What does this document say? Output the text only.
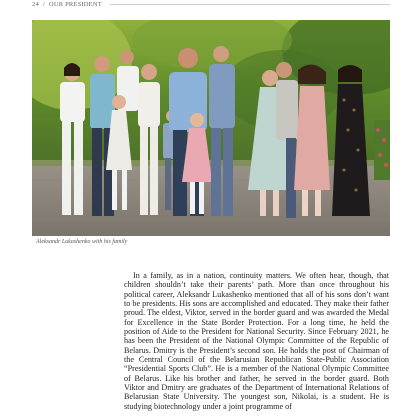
24 / OUR PRESIDENT
Aleksandr Lukashenko with his family
In a family, as in a nation, continuity matters. We often hear, though, that children shouldn’t take their parents’ path. More than once throughout his political career, Aleksandr Lukashenko mentioned that all of his sons don’t want to be presidents. His sons are accomplished and educated. They make their father proud. The eldest, Viktor, served in the border guard and was awarded the Medal for Excellence in the State Border Protection. For a long time, he held the position of Aide to the President for National Security. Since February 2021, he has been the President of the National Olympic Committee of the Republic of Belarus. Dmitry is the President’s second son. He holds the post of Chairman of the Central Council of the Belarusian Republican State-Public Association “Presidential Sports Club”. He is a member of the National Olympic Committee of Belarus. Like his brother and father, he served in the border guard. Both Viktor and Dmitry are graduates of the Department of International Relations of Belarusian State University. The youngest son, Nikolai, is a student. He is studying biotechnology under a joint programme of
